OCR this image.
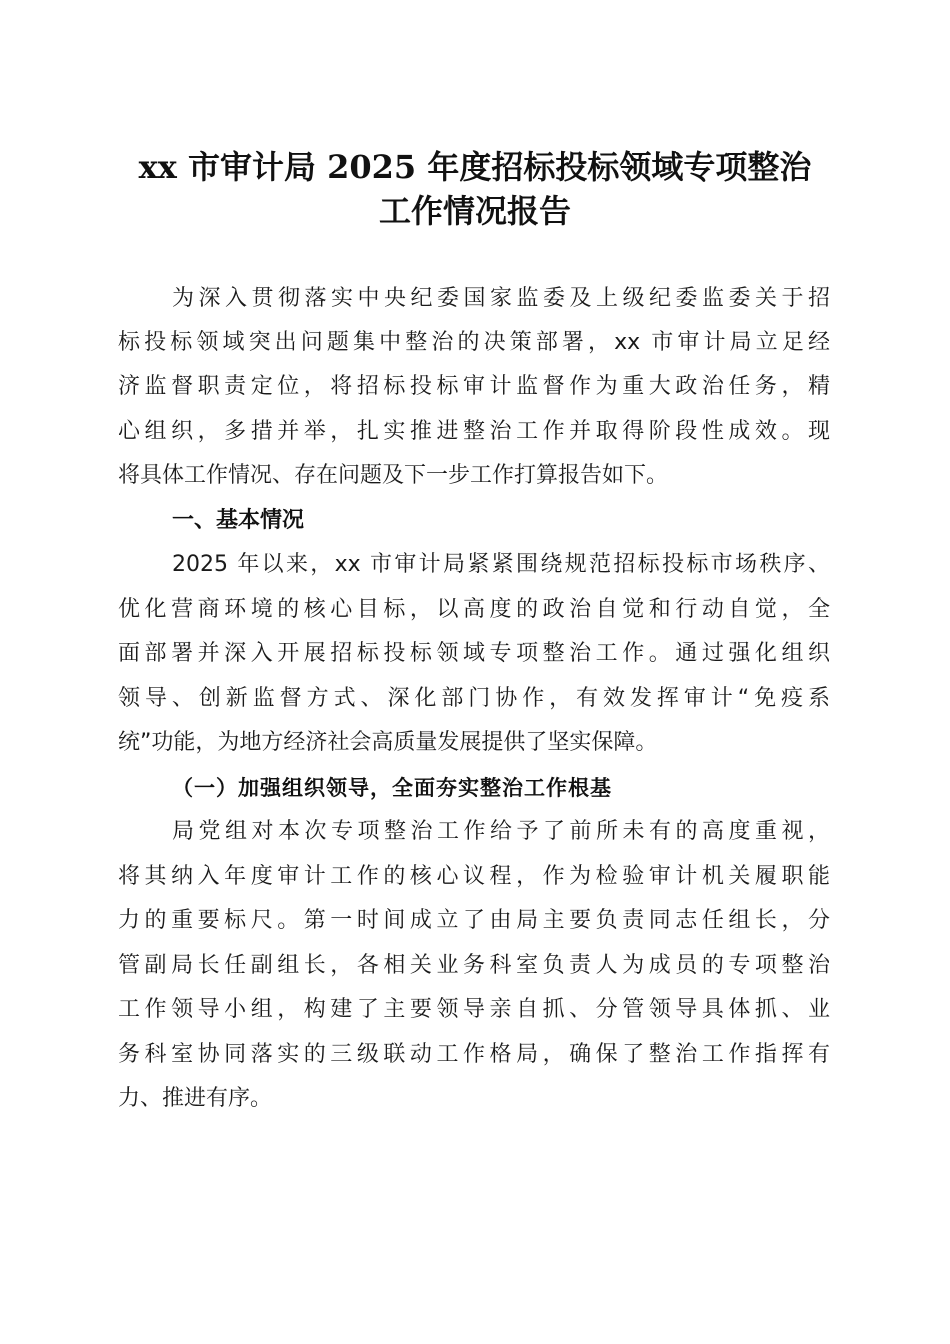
xx 市审计局 2025 年度招标投标领域专项整治
工作情况报告
为深入贯彻落实中央纪委国家监委及上级纪委监委关于招
标投标领域突出问题集中整治的决策部署，xx 市审计局立足经
济监督职责定位，将招标投标审计监督作为重大政治任务，精
心组织，多措并举，扎实推进整治工作并取得阶段性成效。现
将具体工作情况、存在问题及下一步工作打算报告如下。
一、基本情况
2025 年以来，xx 市审计局紧紧围绕规范招标投标市场秩序、
优化营商环境的核心目标，以高度的政治自觉和行动自觉，全
面部署并深入开展招标投标领域专项整治工作。通过强化组织
领导、创新监督方式、深化部门协作，有效发挥审计“免疫系
统”功能，为地方经济社会高质量发展提供了坚实保障。
（一）加强组织领导，全面夯实整治工作根基
局党组对本次专项整治工作给予了前所未有的高度重视，
将其纳入年度审计工作的核心议程，作为检验审计机关履职能
力的重要标尺。第一时间成立了由局主要负责同志任组长，分
管副局长任副组长，各相关业务科室负责人为成员的专项整治
工作领导小组，构建了主要领导亲自抓、分管领导具体抓、业
务科室协同落实的三级联动工作格局，确保了整治工作指挥有
力、推进有序。
